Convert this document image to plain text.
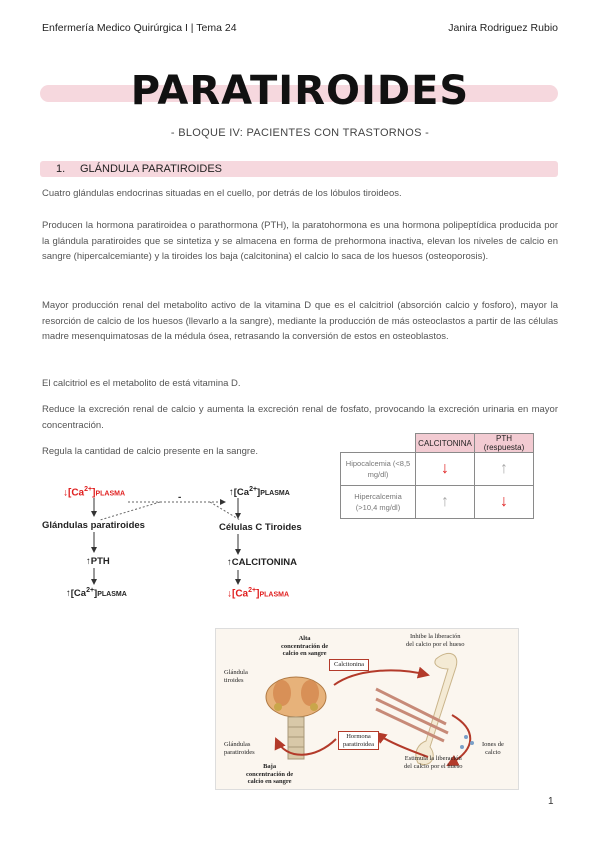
Enfermería Medico Quirúrgica I | Tema 24	Janira Rodriguez Rubio
PARATIROIDES
- BLOQUE IV: PACIENTES CON TRASTORNOS -
1. GLÁNDULA PARATIROIDES
Cuatro glándulas endocrinas situadas en el cuello, por detrás de los lóbulos tiroideos.
Producen la hormona paratiroidea o parathormona (PTH), la paratohormona es una hormona polipeptídica producida por la glándula paratiroides que se sintetiza y se almacena en forma de prehormona inactiva, elevan los niveles de calcio en sangre (hipercalcemiante) y la tiroides los baja (calcitonina) el calcio lo saca de los huesos (osteoporosis).
Mayor producción renal del metabolito activo de la vitamina D que es el calcitriol (absorción calcio y fosforo), mayor la resorción de calcio de los huesos (llevarlo a la sangre), mediante la producción de más osteoclastos a partir de las células madre mesenquimatosas de la médula ósea, retrasando la conversión de estos en osteoblastos.
El calcitriol es el metabolito de está vitamina D.
Reduce la excreción renal de calcio y aumenta la excreción renal de fosfato, provocando la excreción urinaria en mayor concentración.
Regula la cantidad de calcio presente en la sangre.
	CALCITONINA	PTH (respuesta)

Hipocalcemia (<8,5
mg/dl)	↓	↑

Hipercalcemia
(>10,4 mg/dl)	↑	↓
$↓[Ca^{2+}]PLASMA$	$↑[Ca^{2+}]PLASMA$
Glándulas paratiroides	Células C Tiroides
↑PTH	↑CALCITONINA
$↑[Ca^{2+}]PLASMA$	$↓[Ca^{2+}]PLASMA$
-
Alta
concentración de
calcio en sangre
Glándula
tiroides
Glándulas
paratiroides
Baja
concentración de
calcio en sangre
Calcitonina
Hormona
paratiroidea
Inhibe la liberación
del calcio por el hueso
Estimula la liberación
del calcio por el hueso
Iones de
calcio
1
